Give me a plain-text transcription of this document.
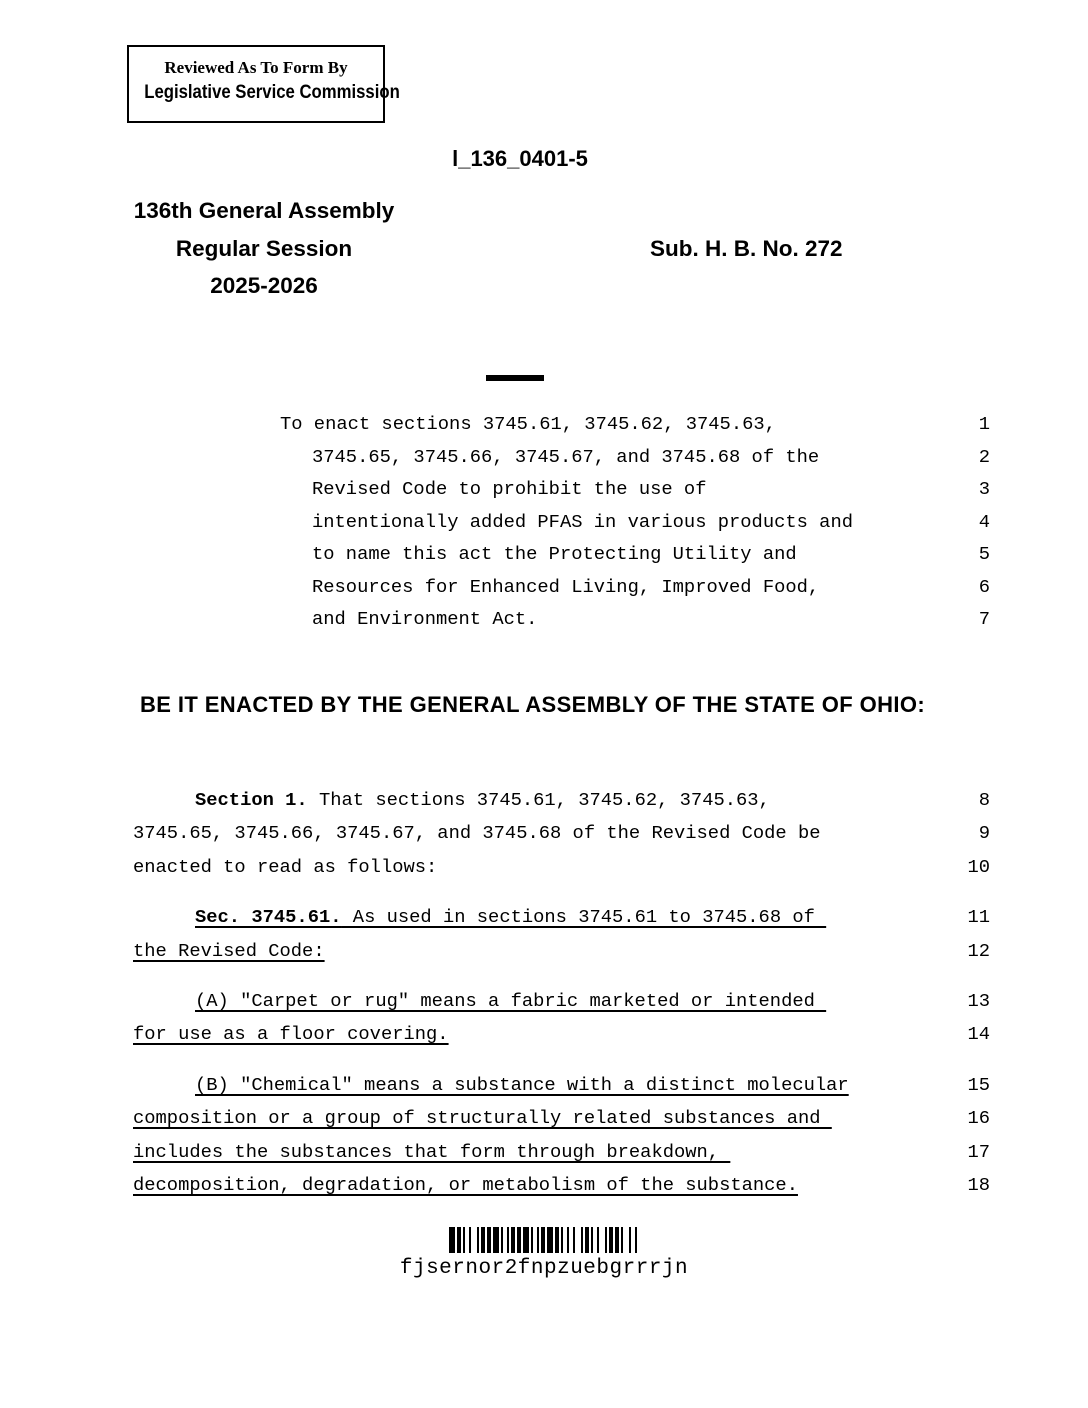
Reviewed As To Form By
Legislative Service Commission
l_136_0401-5
136th General Assembly
Regular Session
2025-2026
Sub. H. B. No. 272
To enact sections 3745.61, 3745.62, 3745.63,	1
3745.65, 3745.66, 3745.67, and 3745.68 of the	2
Revised Code to prohibit the use of	3
intentionally added PFAS in various products and	4
to name this act the Protecting Utility and	5
Resources for Enhanced Living, Improved Food,	6
and Environment Act.	7
BE IT ENACTED BY THE GENERAL ASSEMBLY OF THE STATE OF OHIO:
Section 1. That sections 3745.61, 3745.62, 3745.63,	8
3745.65, 3745.66, 3745.67, and 3745.68 of the Revised Code be	9
enacted to read as follows:	10
Sec. 3745.61. As used in sections 3745.61 to 3745.68 of	11
the Revised Code:	12
(A) "Carpet or rug" means a fabric marketed or intended	13
for use as a floor covering.	14
(B) "Chemical" means a substance with a distinct molecular	15
composition or a group of structurally related substances and	16
includes the substances that form through breakdown,	17
decomposition, degradation, or metabolism of the substance.	18
fjsernor2fnpzuebgrrrjn
